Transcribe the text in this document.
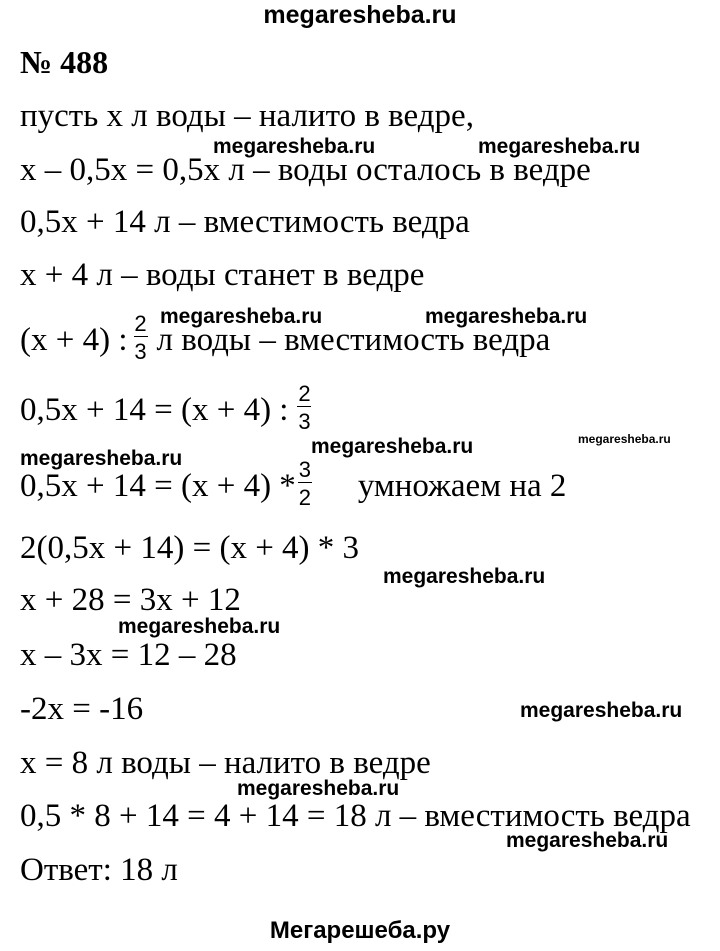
megaresheba.ru
№ 488
пусть х л воды – налито в ведре,
х – 0,5х = 0,5х л – воды осталось в ведре
0,5х + 14 л – вместимость ведра
х + 4 л – воды станет в ведре
(х + 4) : 2
3 л воды – вместимость ведра
0,5х + 14 = (х + 4) : 2
3
0,5х + 14 = (х + 4) * 3
2 умножаем на 2
2(0,5х + 14) = (х + 4) * 3
х + 28 = 3х + 12
х – 3х = 12 – 28
-2х = -16
х = 8 л воды – налито в ведре
0,5 * 8 + 14 = 4 + 14 = 18 л – вместимость ведра
Ответ: 18 л
megaresheba.ru	megaresheba.ru
megaresheba.ru	megaresheba.ru
megaresheba.ru	megaresheba.ru
megaresheba.ru
megaresheba.ru
megaresheba.ru
megaresheba.ru
megaresheba.ru
megaresheba.ru
Мегарешеба.ру
